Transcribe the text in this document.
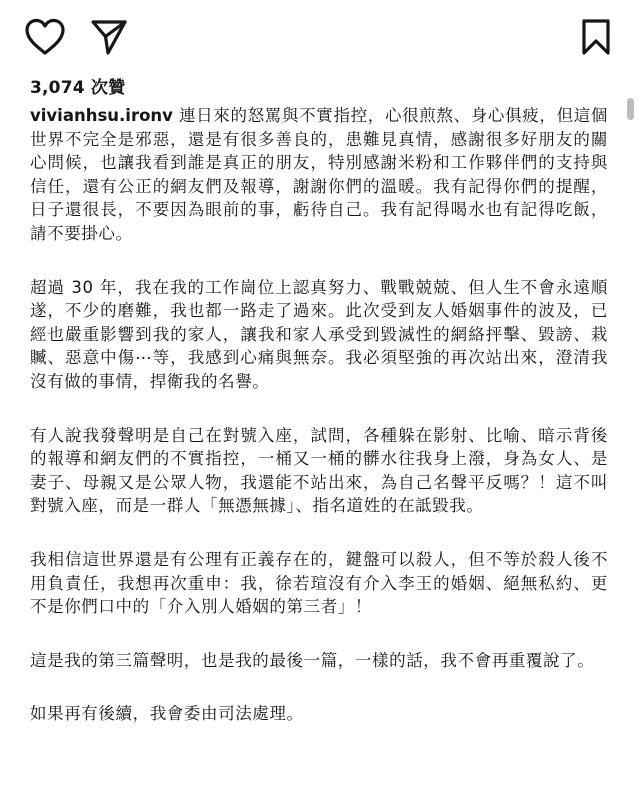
3,074 次贊

vivianhsu.ironv 連日來的怒罵與不實指控，心很煎熬、身心俱疲，但這個世界不完全是邪惡，還是有很多善良的，患難見真情，感謝很多好朋友的關心問候，也讓我看到誰是真正的朋友，特別感謝米粉和工作夥伴們的支持與信任，還有公正的網友們及報導，謝謝你們的溫暖。我有記得你們的提醒，日子還很長，不要因為眼前的事，虧待自己。我有記得喝水也有記得吃飯，請不要掛心。

超過 30 年，我在我的工作崗位上認真努力、戰戰兢兢、但人生不會永遠順遂，不少的磨難，我也都一路走了過來。此次受到友人婚姻事件的波及，已經也嚴重影響到我的家人，讓我和家人承受到毀滅性的網絡抨擊、毀謗、栽贓、惡意中傷⋯等，我感到心痛與無奈。我必須堅強的再次站出來，澄清我沒有做的事情，捍衛我的名譽。

有人說我發聲明是自己在對號入座，試問，各種躲在影射、比喻、暗示背後的報導和網友們的不實指控，一桶又一桶的髒水往我身上潑，身為女人、是妻子、母親又是公眾人物，我還能不站出來，為自己名聲平反嗎？！這不叫對號入座，而是一群人「無憑無據」、指名道姓的在詆毀我。

我相信這世界還是有公理有正義存在的，鍵盤可以殺人，但不等於殺人後不用負責任，我想再次重申：我，徐若瑄沒有介入李王的婚姻、絕無私約、更不是你們口中的「介入別人婚姻的第三者」！

這是我的第三篇聲明，也是我的最後一篇，一樣的話，我不會再重覆說了。

如果再有後續，我會委由司法處理。
